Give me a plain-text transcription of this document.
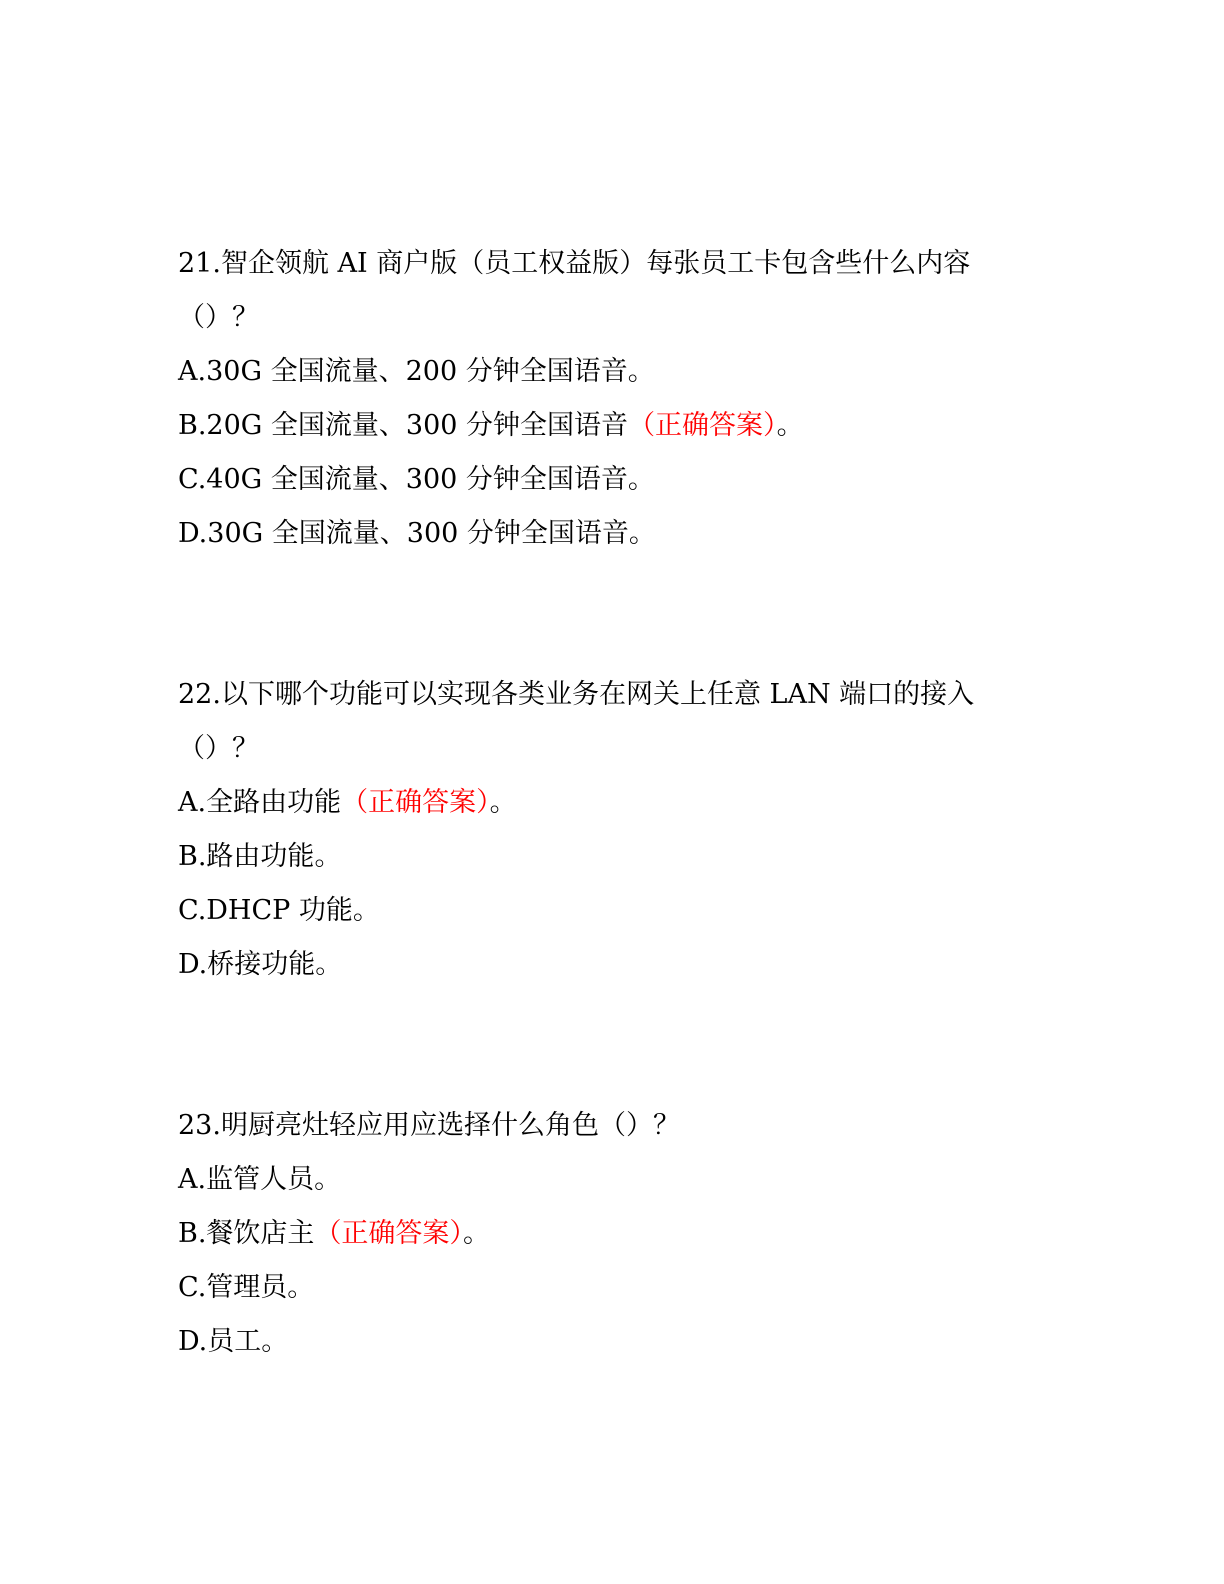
21.智企领航 AI 商户版（员工权益版）每张员工卡包含些什么内容
（）？
A.30G 全国流量、200 分钟全国语音。
B.20G 全国流量、300 分钟全国语音（正确答案）。
C.40G 全国流量、300 分钟全国语音。
D.30G 全国流量、300 分钟全国语音。
22.以下哪个功能可以实现各类业务在网关上任意 LAN 端口的接入
（）？
A.全路由功能（正确答案）。
B.路由功能。
C.DHCP 功能。
D.桥接功能。
23.明厨亮灶轻应用应选择什么角色（）？
A.监管人员。
B.餐饮店主（正确答案）。
C.管理员。
D.员工。
